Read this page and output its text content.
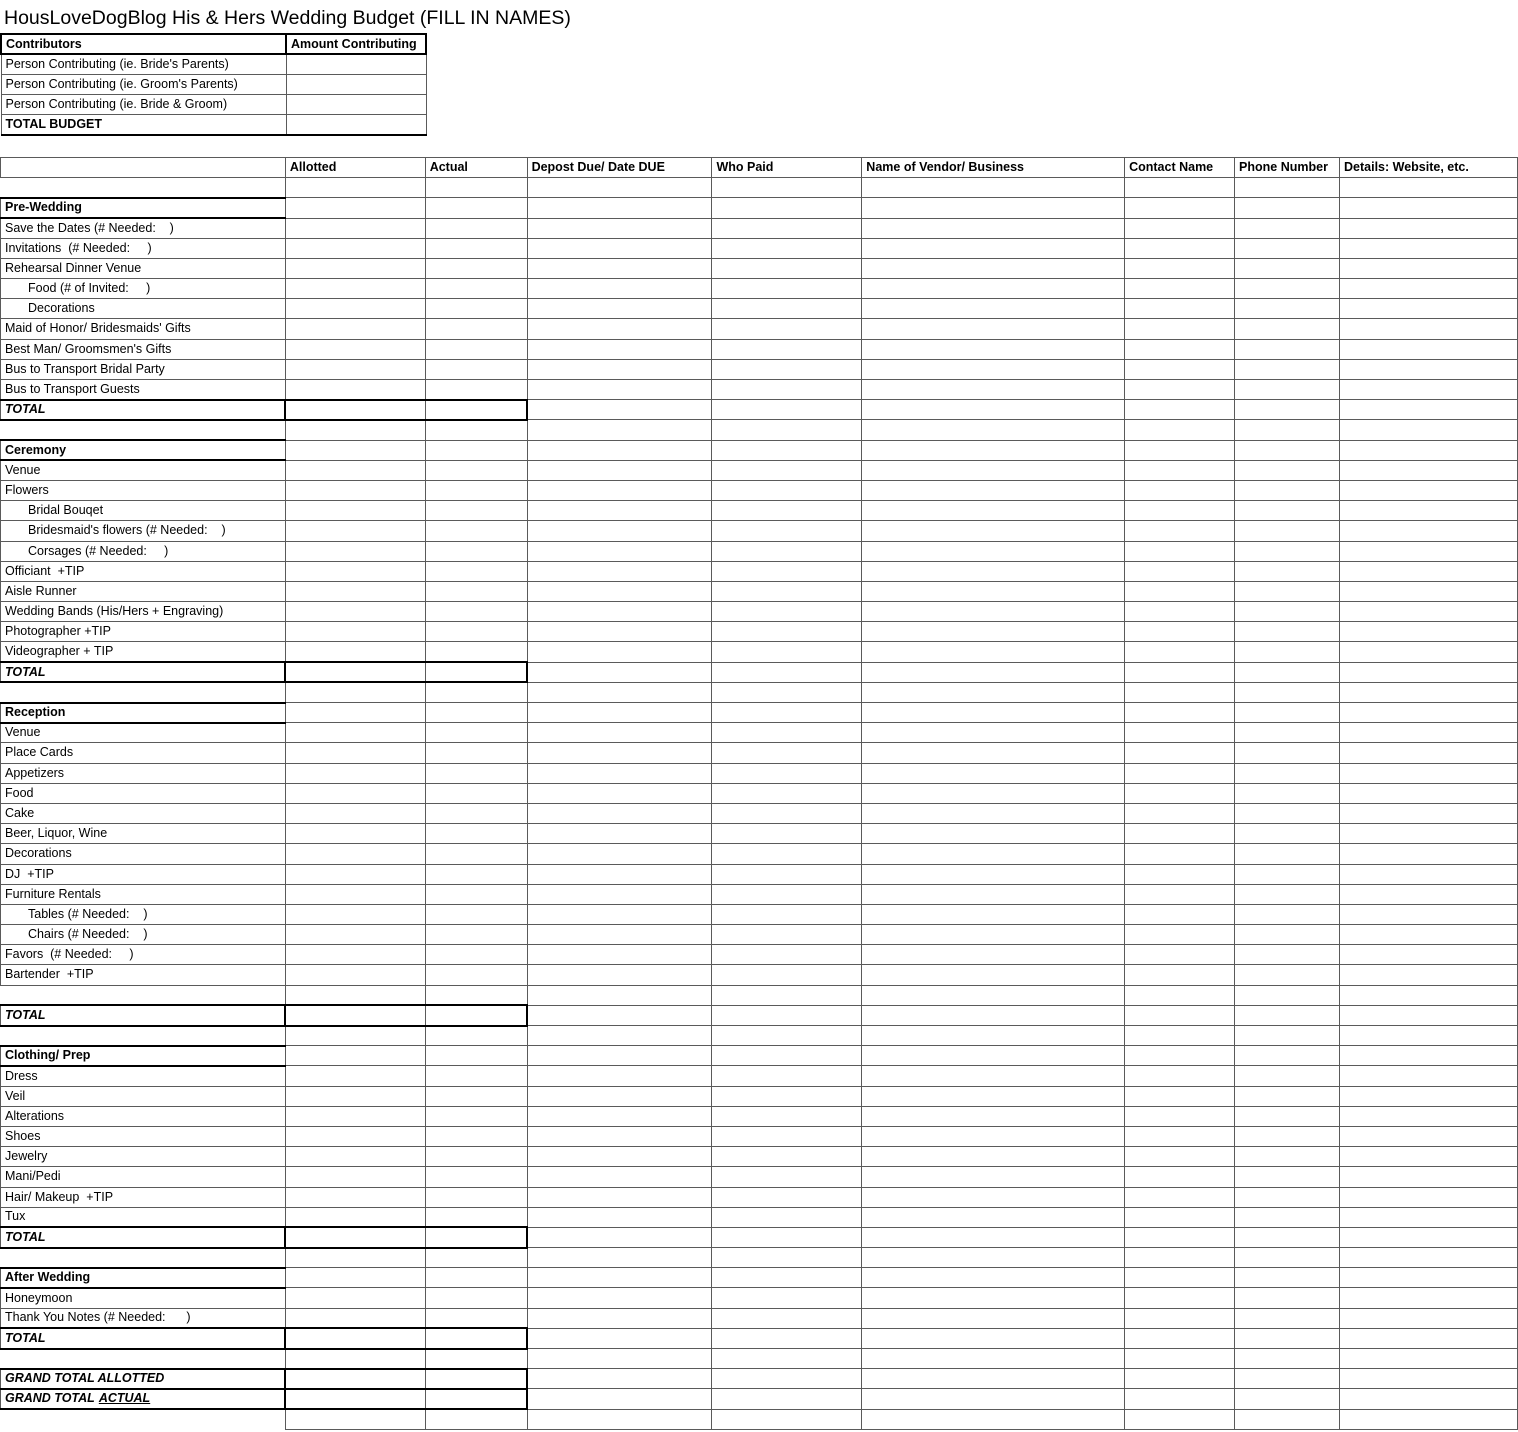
HousLoveDogBlog His & Hers Wedding Budget (FILL IN NAMES)
Contributors	Amount Contributing
Person Contributing (ie. Bride's Parents)	
Person Contributing (ie. Groom's Parents)	
Person Contributing (ie. Bride & Groom)	
TOTAL BUDGET	
	Allotted	Actual	Depost Due/ Date DUE	Who Paid	Name of Vendor/ Business	Contact Name	Phone Number	Details: Website, etc.

Pre-Wedding								
Save the Dates (# Needed:    )								
Invitations  (# Needed:     )								
Rehearsal Dinner Venue								
Food (# of Invited:     )								
Decorations								
Maid of Honor/ Bridesmaids' Gifts								
Best Man/ Groomsmen's Gifts								
Bus to Transport Bridal Party								
Bus to Transport Guests								
TOTAL								

Ceremony								
Venue								
Flowers								
Bridal Bouqet								
Bridesmaid's flowers (# Needed:    )								
Corsages (# Needed:     )								
Officiant  +TIP								
Aisle Runner								
Wedding Bands (His/Hers + Engraving)								
Photographer +TIP								
Videographer + TIP								
TOTAL								

Reception								
Venue								
Place Cards								
Appetizers								
Food								
Cake								
Beer, Liquor, Wine								
Decorations								
DJ  +TIP								
Furniture Rentals								
Tables (# Needed:    )								
Chairs (# Needed:    )								
Favors  (# Needed:     )								
Bartender  +TIP								

TOTAL								

Clothing/ Prep								
Dress								
Veil								
Alterations								
Shoes								
Jewelry								
Mani/Pedi								
Hair/ Makeup  +TIP								
Tux								
TOTAL								

After Wedding								
Honeymoon								
Thank You Notes (# Needed:      )								
TOTAL								

GRAND TOTAL ALLOTTED								
GRAND TOTAL ACTUAL								
